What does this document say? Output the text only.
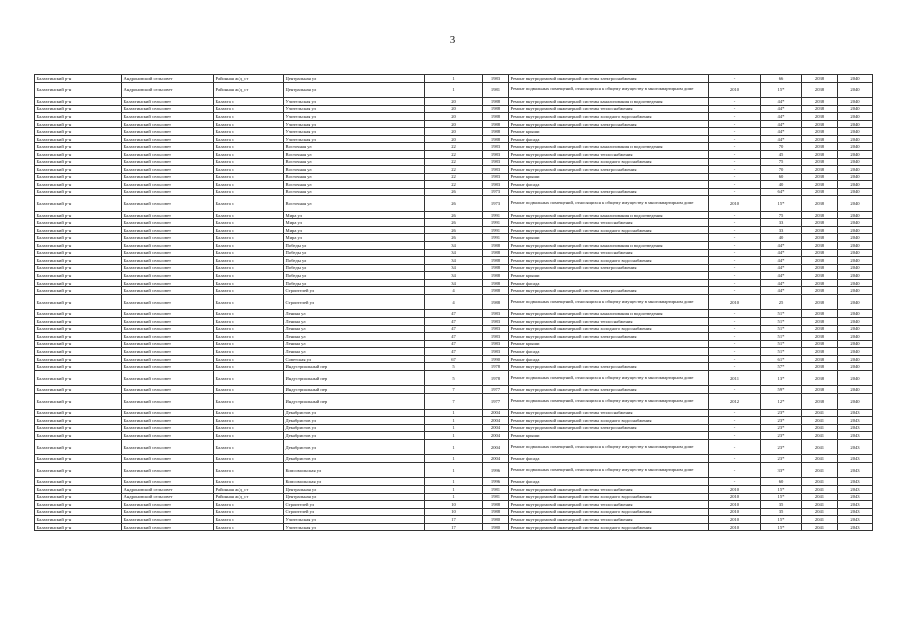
3
Балахтинский р-н	Андроновский сельсовет	Районная ж/д_ст	Центральная ул	1	1983	Ремонт внутридомовой инженерной системы электроснабжения	-	66	2038	2040
Балахтинский р-н	Андроновский сельсовет	Районная ж/д_ст	Центральная ул	1	1981	Ремонт подвальных помещений, относящихся к общему имуществу в многоквартирном доме	2010	15*	2038	2040
Балахтинский р-н	Балахтинский сельсовет	Балахта с	Учительская ул	20	1988	Ремонт внутридомовой инженерной системы канализования и водоотведения	-	44*	2038	2040
Балахтинский р-н	Балахтинский сельсовет	Балахта с	Учительская ул	20	1988	Ремонт внутридомовой инженерной системы теплоснабжения	-	44*	2038	2040
Балахтинский р-н	Балахтинский сельсовет	Балахта с	Учительская ул	20	1988	Ремонт внутридомовой инженерной системы холодного водоснабжения	-	44*	2038	2040
Балахтинский р-н	Балахтинский сельсовет	Балахта с	Учительская ул	20	1988	Ремонт внутридомовой инженерной системы электроснабжения	-	44*	2038	2040
Балахтинский р-н	Балахтинский сельсовет	Балахта с	Учительская ул	20	1988	Ремонт крыши	-	44*	2038	2040
Балахтинский р-н	Балахтинский сельсовет	Балахта с	Учительская ул	20	1988	Ремонт фасада	-	44*	2038	2040
Балахтинский р-н	Балахтинский сельсовет	Балахта с	Восточная ул	22	1983	Ремонт внутридомовой инженерной системы канализования и водоотведения	-	70	2038	2040
Балахтинский р-н	Балахтинский сельсовет	Балахта с	Восточная ул	22	1983	Ремонт внутридомовой инженерной системы теплоснабжения	-	45	2038	2040
Балахтинский р-н	Балахтинский сельсовет	Балахта с	Восточная ул	22	1983	Ремонт внутридомовой инженерной системы холодного водоснабжения	-	75	2038	2040
Балахтинский р-н	Балахтинский сельсовет	Балахта с	Восточная ул	22	1983	Ремонт внутридомовой инженерной системы электроснабжения	-	70	2038	2040
Балахтинский р-н	Балахтинский сельсовет	Балахта с	Восточная ул	22	1983	Ремонт крыши	-	60	2038	2040
Балахтинский р-н	Балахтинский сельсовет	Балахта с	Восточная ул	22	1983	Ремонт фасада	-	40	2038	2040
Балахтинский р-н	Балахтинский сельсовет	Балахта с	Восточная ул	26	1973	Ремонт внутридомовой инженерной системы электроснабжения	-	64*	2038	2040
Балахтинский р-н	Балахтинский сельсовет	Балахта с	Восточная ул	26	1973	Ремонт подвальных помещений, относящихся к общему имуществу в многоквартирном доме	2010	15*	2038	2040
Балахтинский р-н	Балахтинский сельсовет	Балахта с	Мира ул	26	1991	Ремонт внутридомовой инженерной системы канализования и водоотведения	-	75	2038	2040
Балахтинский р-н	Балахтинский сельсовет	Балахта с	Мира ул	26	1991	Ремонт внутридомовой инженерной системы теплоснабжения	-	33	2038	2040
Балахтинский р-н	Балахтинский сельсовет	Балахта с	Мира ул	26	1991	Ремонт внутридомовой инженерной системы холодного водоснабжения	-	33	2038	2040
Балахтинский р-н	Балахтинский сельсовет	Балахта с	Мира ул	26	1991	Ремонт крыши	-	40	2038	2040
Балахтинский р-н	Балахтинский сельсовет	Балахта с	Победы ул	34	1988	Ремонт внутридомовой инженерной системы канализования и водоотведения	-	44*	2038	2040
Балахтинский р-н	Балахтинский сельсовет	Балахта с	Победы ул	34	1988	Ремонт внутридомовой инженерной системы теплоснабжения	-	44*	2038	2040
Балахтинский р-н	Балахтинский сельсовет	Балахта с	Победы ул	34	1988	Ремонт внутридомовой инженерной системы холодного водоснабжения	-	44*	2038	2040
Балахтинский р-н	Балахтинский сельсовет	Балахта с	Победы ул	34	1988	Ремонт внутридомовой инженерной системы электроснабжения	-	44*	2038	2040
Балахтинский р-н	Балахтинский сельсовет	Балахта с	Победы ул	34	1988	Ремонт крыши	-	44*	2038	2040
Балахтинский р-н	Балахтинский сельсовет	Балахта с	Победы ул	34	1988	Ремонт фасада	-	44*	2038	2040
Балахтинский р-н	Балахтинский сельсовет	Балахта с	Строителей ул	4	1988	Ремонт внутридомовой инженерной системы электроснабжения	-	44*	2038	2040
Балахтинский р-н	Балахтинский сельсовет	Балахта с	Строителей ул	4	1988	Ремонт подвальных помещений, относящихся к общему имуществу в многоквартирном доме	2010	25	2038	2040
Балахтинский р-н	Балахтинский сельсовет	Балахта с	Ленина ул	47	1983	Ремонт внутридомовой инженерной системы канализования и водоотведения	-	51*	2038	2040
Балахтинский р-н	Балахтинский сельсовет	Балахта с	Ленина ул	47	1983	Ремонт внутридомовой инженерной системы теплоснабжения	-	51*	2038	2040
Балахтинский р-н	Балахтинский сельсовет	Балахта с	Ленина ул	47	1983	Ремонт внутридомовой инженерной системы холодного водоснабжения	-	51*	2038	2040
Балахтинский р-н	Балахтинский сельсовет	Балахта с	Ленина ул	47	1983	Ремонт внутридомовой инженерной системы электроснабжения	-	51*	2038	2040
Балахтинский р-н	Балахтинский сельсовет	Балахта с	Ленина ул	47	1983	Ремонт крыши	-	51*	2038	2040
Балахтинский р-н	Балахтинский сельсовет	Балахта с	Ленина ул	47	1983	Ремонт фасада	-	51*	2038	2040
Балахтинский р-н	Балахтинский сельсовет	Балахта с	Советская ул	67	1990	Ремонт фасада	-	61*	2038	2040
Балахтинский р-н	Балахтинский сельсовет	Балахта с	Индустриальный пер	5	1978	Ремонт внутридомовой инженерной системы электроснабжения	-	57*	2038	2040
Балахтинский р-н	Балахтинский сельсовет	Балахта с	Индустриальный пер	5	1978	Ремонт подвальных помещений, относящихся к общему имуществу в многоквартирном доме	2011	13*	2038	2040
Балахтинский р-н	Балахтинский сельсовет	Балахта с	Индустриальный пер	7	1977	Ремонт внутридомовой инженерной системы электроснабжения	-	59*	2038	2040
Балахтинский р-н	Балахтинский сельсовет	Балахта с	Индустриальный пер	7	1977	Ремонт подвальных помещений, относящихся к общему имуществу в многоквартирном доме	2012	12*	2038	2040
Балахтинский р-н	Балахтинский сельсовет	Балахта с	Декабристов ул	1	2004	Ремонт внутридомовой инженерной системы теплоснабжения	-	23*	2041	2043
Балахтинский р-н	Балахтинский сельсовет	Балахта с	Декабристов ул	1	2004	Ремонт внутридомовой инженерной системы холодного водоснабжения	-	23*	2041	2043
Балахтинский р-н	Балахтинский сельсовет	Балахта с	Декабристов ул	1	2004	Ремонт внутридомовой инженерной системы электроснабжения	-	23*	2041	2043
Балахтинский р-н	Балахтинский сельсовет	Балахта с	Декабристов ул	1	2004	Ремонт крыши	-	23*	2041	2043
Балахтинский р-н	Балахтинский сельсовет	Балахта с	Декабристов ул	1	2004	Ремонт подвальных помещений, относящихся к общему имуществу в многоквартирном доме	-	23*	2041	2043
Балахтинский р-н	Балахтинский сельсовет	Балахта с	Декабристов ул	1	2004	Ремонт фасада	-	23*	2041	2043
Балахтинский р-н	Балахтинский сельсовет	Балахта с	Комсомольская ул	1	1996	Ремонт подвальных помещений, относящихся к общему имуществу в многоквартирном доме	-	33*	2041	2043
Балахтинский р-н	Балахтинский сельсовет	Балахта с	Комсомольская ул	1	1996	Ремонт фасада	-	60	2041	2043
Балахтинский р-н	Андроновский сельсовет	Районная ж/д_ст	Центральная ул	1	1981	Ремонт внутридомовой инженерной системы теплоснабжения	2010	15*	2041	2043
Балахтинский р-н	Андроновский сельсовет	Районная ж/д_ст	Центральная ул	1	1981	Ремонт внутридомовой инженерной системы холодного водоснабжения	2010	15*	2041	2043
Балахтинский р-н	Балахтинский сельсовет	Балахта с	Строителей ул	10	1988	Ремонт внутридомовой инженерной системы теплоснабжения	2010	35	2041	2043
Балахтинский р-н	Балахтинский сельсовет	Балахта с	Строителей ул	10	1988	Ремонт внутридомовой инженерной системы холодного водоснабжения	2010	35	2041	2043
Балахтинский р-н	Балахтинский сельсовет	Балахта с	Учительская ул	17	1980	Ремонт внутридомовой инженерной системы теплоснабжения	2010	15*	2041	2043
Балахтинский р-н	Балахтинский сельсовет	Балахта с	Учительская ул	17	1980	Ремонт внутридомовой инженерной системы холодного водоснабжения	2010	15*	2041	2043
